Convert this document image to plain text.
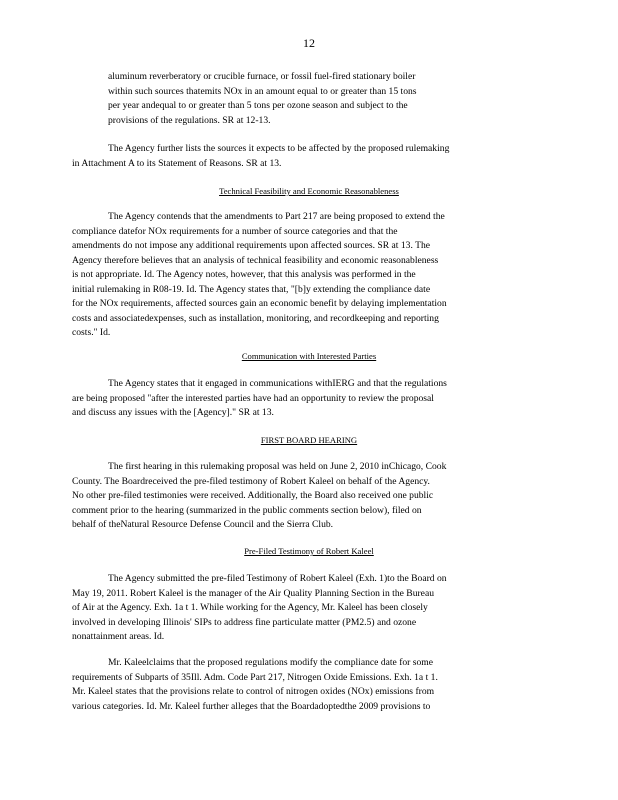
12
aluminum reverberatory or crucible furnace, or fossil fuel-fired stationary boiler
within such sources thatemits NOx in an amount equal to or greater than 15 tons
per year andequal to or greater than 5 tons per ozone season and subject to the
provisions of the regulations. SR at 12-13.
The Agency further lists the sources it expects to be affected by the proposed rulemaking
in Attachment A to its Statement of Reasons. SR at 13.
Technical Feasibility and Economic Reasonableness
The Agency contends that the amendments to Part 217 are being proposed to extend the
compliance datefor NOx requirements for a number of source categories and that the
amendments do not impose any additional requirements upon affected sources. SR at 13. The
Agency therefore believes that an analysis of technical feasibility and economic reasonableness
is not appropriate. Id. The Agency notes, however, that this analysis was performed in the
initial rulemaking in R08-19. Id. The Agency states that, "[b]y extending the compliance date
for the NOx requirements, affected sources gain an economic benefit by delaying implementation
costs and associatedexpenses, such as installation, monitoring, and recordkeeping and reporting
costs." Id.
Communication with Interested Parties
The Agency states that it engaged in communications withIERG and that the regulations
are being proposed "after the interested parties have had an opportunity to review the proposal
and discuss any issues with the [Agency]." SR at 13.
FIRST BOARD HEARING
The first hearing in this rulemaking proposal was held on June 2, 2010 inChicago, Cook
County. The Boardreceived the pre-filed testimony of Robert Kaleel on behalf of the Agency.
No other pre-filed testimonies were received. Additionally, the Board also received one public
comment prior to the hearing (summarized in the public comments section below), filed on
behalf of theNatural Resource Defense Council and the Sierra Club.
Pre-Filed Testimony of Robert Kaleel
The Agency submitted the pre-filed Testimony of Robert Kaleel (Exh. 1)to the Board on
May 19, 2011. Robert Kaleel is the manager of the Air Quality Planning Section in the Bureau
of Air at the Agency. Exh. 1a t 1. While working for the Agency, Mr. Kaleel has been closely
involved in developing Illinois' SIPs to address fine particulate matter (PM2.5) and ozone
nonattainment areas. Id.
Mr. Kaleelclaims that the proposed regulations modify the compliance date for some
requirements of Subparts of 35Ill. Adm. Code Part 217, Nitrogen Oxide Emissions. Exh. 1a t 1.
Mr. Kaleel states that the provisions relate to control of nitrogen oxides (NOx) emissions from
various categories. Id. Mr. Kaleel further alleges that the Boardadoptedthe 2009 provisions to
